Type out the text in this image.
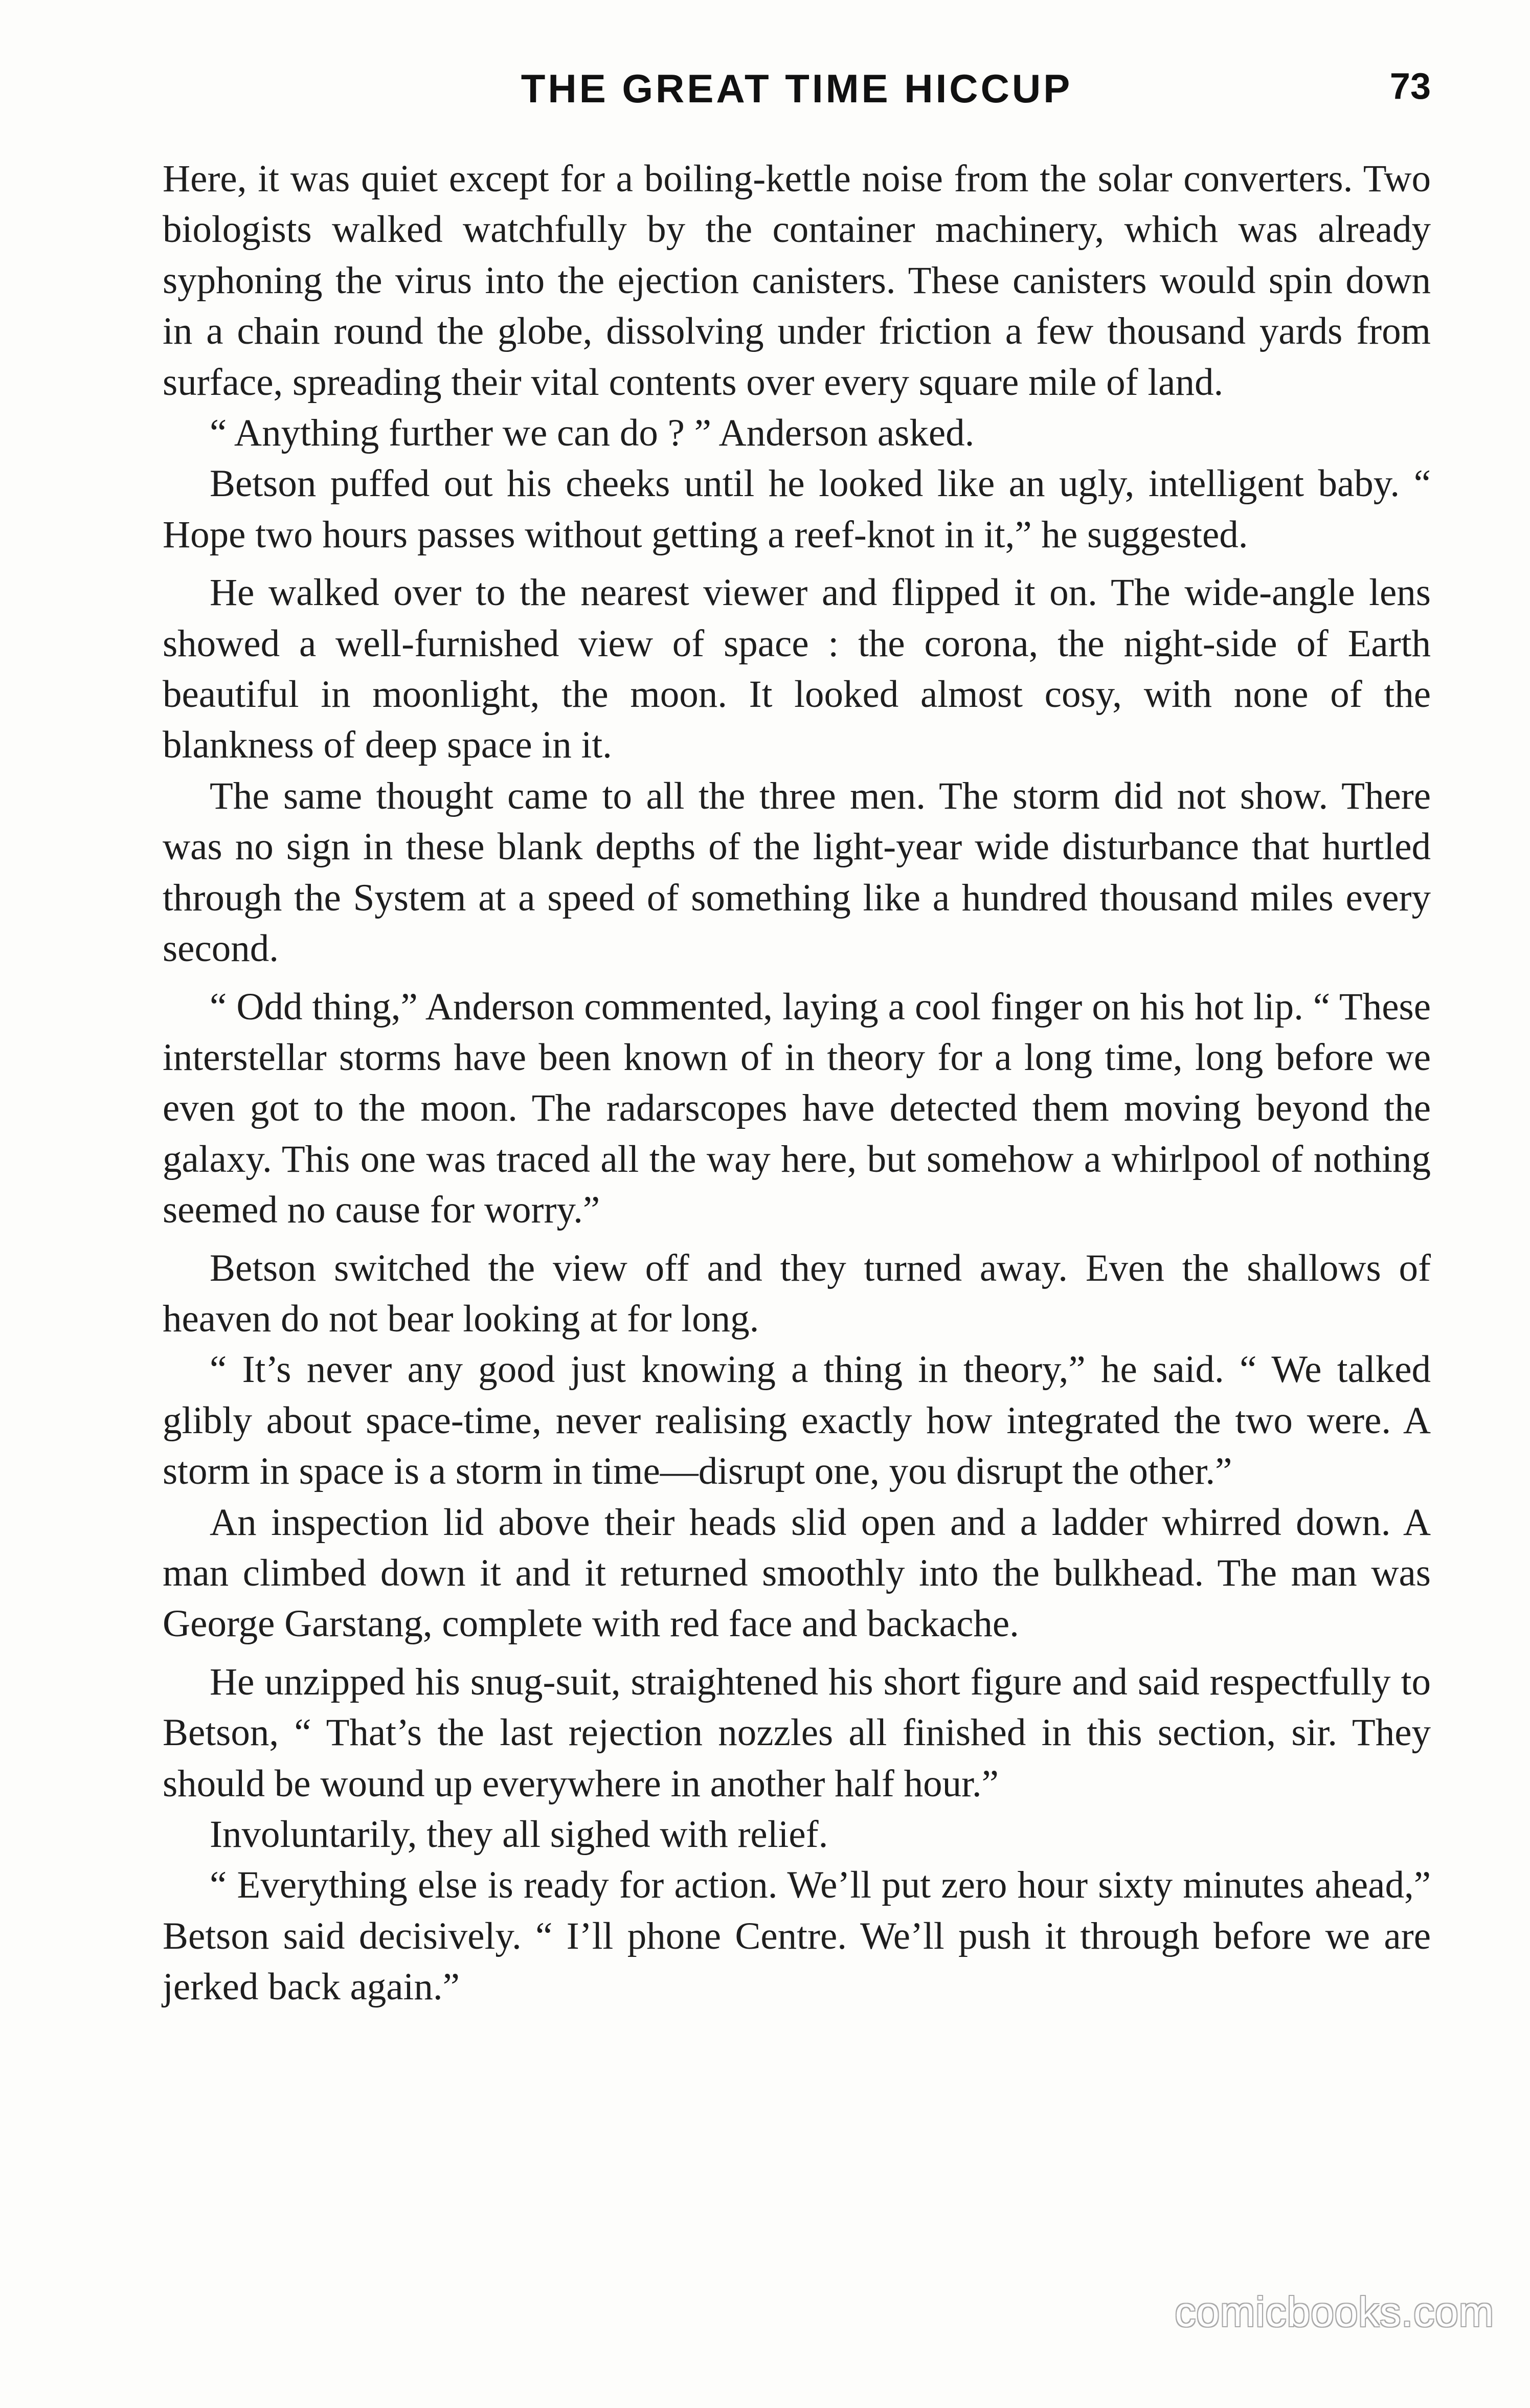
THE GREAT TIME HICCUP	73

Here, it was quiet except for a boiling-kettle noise from the solar converters. Two biologists walked watchfully by the container machinery, which was already syphoning the virus into the ejection canisters. These canisters would spin down in a chain round the globe, dissolving under friction a few thousand yards from surface, spreading their vital contents over every square mile of land.

“ Anything further we can do ? ” Anderson asked.

Betson puffed out his cheeks until he looked like an ugly, intelligent baby. “ Hope two hours passes without getting a reef-knot in it,” he suggested.

He walked over to the nearest viewer and flipped it on. The wide-angle lens showed a well-furnished view of space : the corona, the night-side of Earth beautiful in moonlight, the moon. It looked almost cosy, with none of the blankness of deep space in it.

The same thought came to all the three men. The storm did not show. There was no sign in these blank depths of the light-year wide disturbance that hurtled through the System at a speed of something like a hundred thousand miles every second.

“ Odd thing,” Anderson commented, laying a cool finger on his hot lip. “ These interstellar storms have been known of in theory for a long time, long before we even got to the moon. The radarscopes have detected them moving beyond the galaxy. This one was traced all the way here, but somehow a whirlpool of nothing seemed no cause for worry.”

Betson switched the view off and they turned away. Even the shallows of heaven do not bear looking at for long.

“ It’s never any good just knowing a thing in theory,” he said. “ We talked glibly about space-time, never realising exactly how integrated the two were. A storm in space is a storm in time—disrupt one, you disrupt the other.”

An inspection lid above their heads slid open and a ladder whirred down. A man climbed down it and it returned smoothly into the bulkhead. The man was George Garstang, complete with red face and backache.

He unzipped his snug-suit, straightened his short figure and said respectfully to Betson, “ That’s the last rejection nozzles all finished in this section, sir. They should be wound up everywhere in another half hour.”

Involuntarily, they all sighed with relief.

“ Everything else is ready for action. We’ll put zero hour sixty minutes ahead,” Betson said decisively. “ I’ll phone Centre. We’ll push it through before we are jerked back again.”

comicbooks.com
